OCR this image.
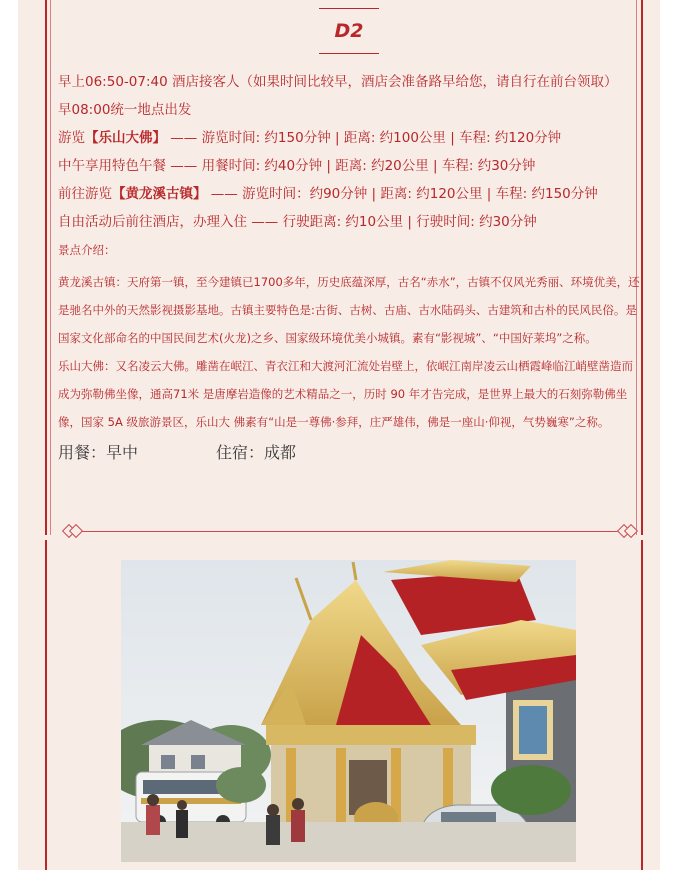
D2
早上06:50-07:40 酒店接客人（如果时间比较早，酒店会准备路早给您，请自行在前台领取）
早08:00统一地点出发
游览【乐山大佛】 —— 游览时间: 约150分钟 | 距离: 约100公里 | 车程: 约120分钟
中午享用特色午餐 —— 用餐时间: 约40分钟 | 距离: 约20公里 | 车程: 约30分钟
前往游览【黄龙溪古镇】 —— 游览时间：约90分钟 | 距离: 约120公里 | 车程: 约150分钟
自由活动后前往酒店，办理入住 —— 行驶距离: 约10公里 | 行驶时间: 约30分钟
景点介绍：
黄龙溪古镇：天府第一镇，至今建镇已1700多年，历史底蕴深厚，古名“赤水”，古镇不仅风光秀丽、环境优美，还是驰名中外的天然影视摄影基地。古镇主要特色是:古街、古树、古庙、古水陆码头、古建筑和古朴的民风民俗。是国家文化部命名的中国民间艺术(火龙)之乡、国家级环境优美小城镇。素有“影视城”、“中国好莱坞”之称。
乐山大佛：又名凌云大佛。雕凿在岷江、青衣江和大渡河汇流处岩壁上，依岷江南岸凌云山栖霞峰临江峭壁凿造而成为弥勒佛坐像，通高71米 是唐摩岩造像的艺术精品之一，历时 90 年才告完成，是世界上最大的石刻弥勒佛坐像，国家 5A 级旅游景区，乐山大 佛素有“山是一尊佛·参拜，庄严雄伟，佛是一座山·仰视，气势巍寒”之称。
用餐：早中	住宿：成都
